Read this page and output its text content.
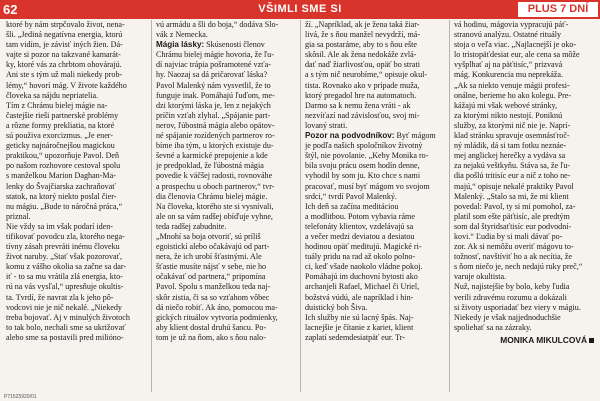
62	VŠIMLI SME SI	PLUS 7 DNÍ
ktoré by nám strpčovalo život, nena-
šli. „Jediná negatívna energia, ktorú
tam vidím, je závisť iných žien. Dá-
vajte si pozor na takzvané kamarát-
ky, ktoré vás za chrbtom ohovárajú.
Ani ste s tým už mali niekedy prob-
lémy,“ hovorí mág. V živote každého
človeka sa nájdu nepriatelia.
Tím z Chrámu bielej mágie na-
častejšie rieši partnerské problémy
a rôzne formy prekliatia, na ktoré
sú použiva exorcizmus. „Je ener-
geticky najnáročnejšou magickou
praktikou,“ upozorňuje Pavol. Deň
po našom rozhovore cestoval spolu
s manželkou Marion Daghan-Ma-
lenky do Švajčiarska zachraňovať
statok, na ktorý niekto poslal čier-
nu mágiu. „Bude to náročná práca,“
priznal.
Nie vždy sa im však podarí iden-
tifikovať povodcu zla, ktorého nega-
tívny zásah prevráti inému človeku
život naruby. „Stať však pozorovať,
komu z vášho okolia sa začne sa dar-
iť - to sa mu vrátila zlá energia, kto-
rú na vás vysľal,“ upresňuje okultis-
ta. Tvrdí, že navrat zla k jeho pô-
vodcovi nie je nič nekalé. „Niekedy
treba bojovať. Aj v minulých životoch
to tak bolo, nechali sme sa ukrižovať
alebo sme sa postavili pred milióno-
vú armádu a šli do boja,“ dodáva Slo-
vák z Nemecka.
Mágia lásky: Skúsenosti členov
Chrámu bielej mágie hovoria, že ľu-
dí najviac trápia pošramotené vzťa-
hy. Naozaj sa dá pričarovať láska?
Pavol Malenký nám vysvetlil, že to
funguje inak. Pomáhajú ľuďom, me-
dzi ktorými láska je, len z nejakých
príčin vzťah zlyhal. „Spájanie part-
nerov, ľúbostná mágia alebo opätov-
né spájanie rozídených partnerov ro-
bíme iba tým, u ktorých existuje du-
ševné a karmické prepojenie a kde
je predpoklad, že ľúbostná mágia
povedie k väčšej radosti, rovnováhe
a prospechu u oboch partnerov,“ tvr-
dia členovia Chrámu bielej mágie.
Na človeka, ktorého ste si vysnívali,
ale on sa vám radšej obíďuje vyhne,
teda radšej zabudnite.
„Mnohí sa boja otvoriť, sú príliš
egoistickí alebo očakávajú od part-
nera, že ich urobí šťastnými. Ale
šťastie musíte nájsť v sebe, nie ho
očakávať od partnera,“ pripomína
Pavol. Spolu s manželkou teda naj-
skôr zistia, či sa so vzťahom vôbec
dá niečo robiť. Ak áno, pomocou ma-
gických rituálov vytvoria podmienky,
aby klient dostal druhú šancu. Po-
tom je už na ňom, ako s ňou nalo-
ží. „Napríklad, ak je žena taká žiar-
livá, že s ňou manžel nevydrží, má-
gia sa postaráme, aby to s ňou ešte
skôsil. Ale ak žena nedokáže zvlá-
dať naď žiarlivosťou, opäť bo strati
a s tým nič neurobíme,“ opisuje okul-
tista. Rovnako ako v prípade muža,
ktorý pregadol hre na automatoch.
Darmo sa k nemu žena vráti - ak
nezvíťazí nad závislosťou, svoj mi-
lovaný strati.
Pozor na podvodníkov: Byť mágom
je podľa našich spoločníkov životný
štýl, nie povolanie. „Keby Monika ro-
bila svoju prácu osem hodín denne,
vyhodil by som ju. Kto chce s nami
pracovať, musí byť mágom vo svojom
srdci,“ tvrdí Pavol Malenký.
Ich deň sa začína meditáciou
a modlitbou. Potom vybavia ráme
telefonáty klientov, vzdelávajú sa
a večer medzi deviatou a desiatou
hodinou opäť meditujú. Magické ri-
tuály pridu na rad až okolo polno-
ci, keď všade naokolo vládne pokoj.
Pomáhajú im duchovní bytosti ako
archanjeli Rafael, Michael či Uriel,
božstvá vúdú, ale napríklad i hin-
duistický boh Šiva.
Ich služby nie sú lacný špás. Naj-
lacnejšie je čítanie z kariet, klient
zaplatí sedemdesiatpäť eur. Tr-
vá hodinu, mágovia vypracujú páť-
stranovú analýzu. Ostatné rituály
stoja o veľa viac. „Najlacnejší je oko-
lo tristopäťdesiat eur, ale cena sa môže
vyšplhať aj na päťtisíc,“ prizvavá
mág. Konkurencia mu neprekáža.
„Ak sa niekto venuje mágii profesi-
onálne, berieme ho ako kolegu. Pre-
kážajú mi však webové stránky,
za ktorými nikto nestojí. Poniknú
služby, za ktorými nič nie je. Naprí-
klad stránku spravuje osemnásťroč-
ný mládik, dá si tam fotku neznáe-
mej anglickej herečky a vydáva sa
za nejakú veštkyňu. Stáva sa, že ľu-
dia pošlú tritisíc eur a nič z toho ne-
majú,“ opisuje nekalé praktiky Pavol
Malenký. „Stalo sa mi, že mi klient
povedal: Pavol, ty si mi pomohol, za-
platil som ešte päťtisíc, ale predtým
som dal štyridsaťtisíc eur podvodní-
kovi.“ Ľudia by si mali dávať po-
zor. Ak si nemôžu overiť mágovu to-
tožnosť, navštíviť ho a ak necítia, že
s ňom niečo je, nech nedajú ruky preč,“
varuje okultista.
Nuž, najistejšie by bolo, keby ľudia
verili zdravému rozumu a dokázali
si životy usporiadať bez viery v mágiu.
Niekedy je však najjednoduchšie
spoliehať sa na zázraky.
MONIKA MIKULCOVÁ
P71525920/01
